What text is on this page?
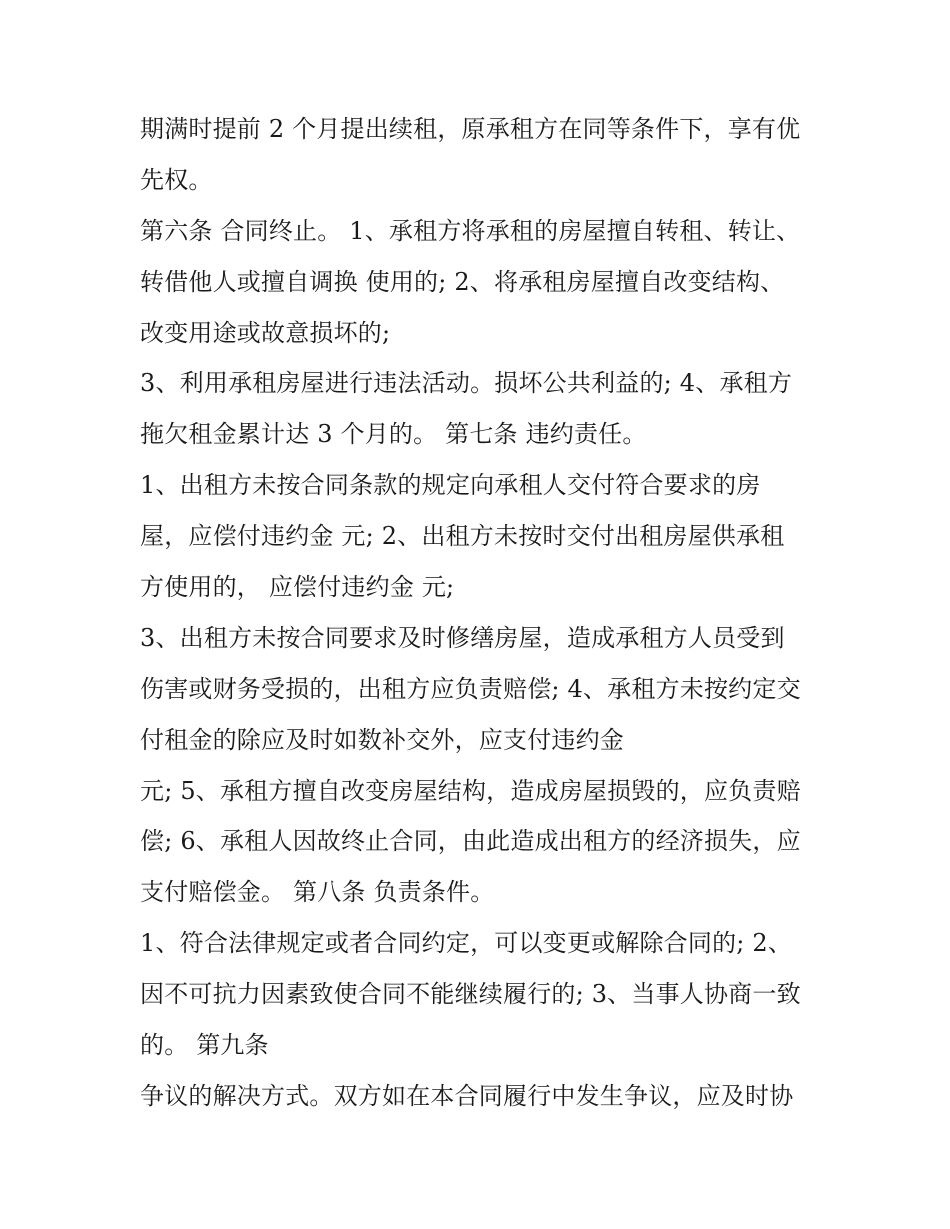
期满时提前 2 个月提出续租，原承租方在同等条件下，享有优
先权。
第六条 合同终止。 1、承租方将承租的房屋擅自转租、转让、
转借他人或擅自调换 使用的; 2、将承租房屋擅自改变结构、
改变用途或故意损坏的;
3、利用承租房屋进行违法活动。损坏公共利益的; 4、承租方
拖欠租金累计达 3 个月的。 第七条 违约责任。
1、出租方未按合同条款的规定向承租人交付符合要求的房
屋，应偿付违约金 元; 2、出租方未按时交付出租房屋供承租
方使用的， 应偿付违约金 元;
3、出租方未按合同要求及时修缮房屋，造成承租方人员受到
伤害或财务受损的，出租方应负责赔偿; 4、承租方未按约定交
付租金的除应及时如数补交外，应支付违约金
元; 5、承租方擅自改变房屋结构，造成房屋损毁的，应负责赔
偿; 6、承租人因故终止合同，由此造成出租方的经济损失，应
支付赔偿金。 第八条 负责条件。
1、符合法律规定或者合同约定，可以变更或解除合同的; 2、
因不可抗力因素致使合同不能继续履行的; 3、当事人协商一致
的。 第九条
争议的解决方式。双方如在本合同履行中发生争议，应及时协
